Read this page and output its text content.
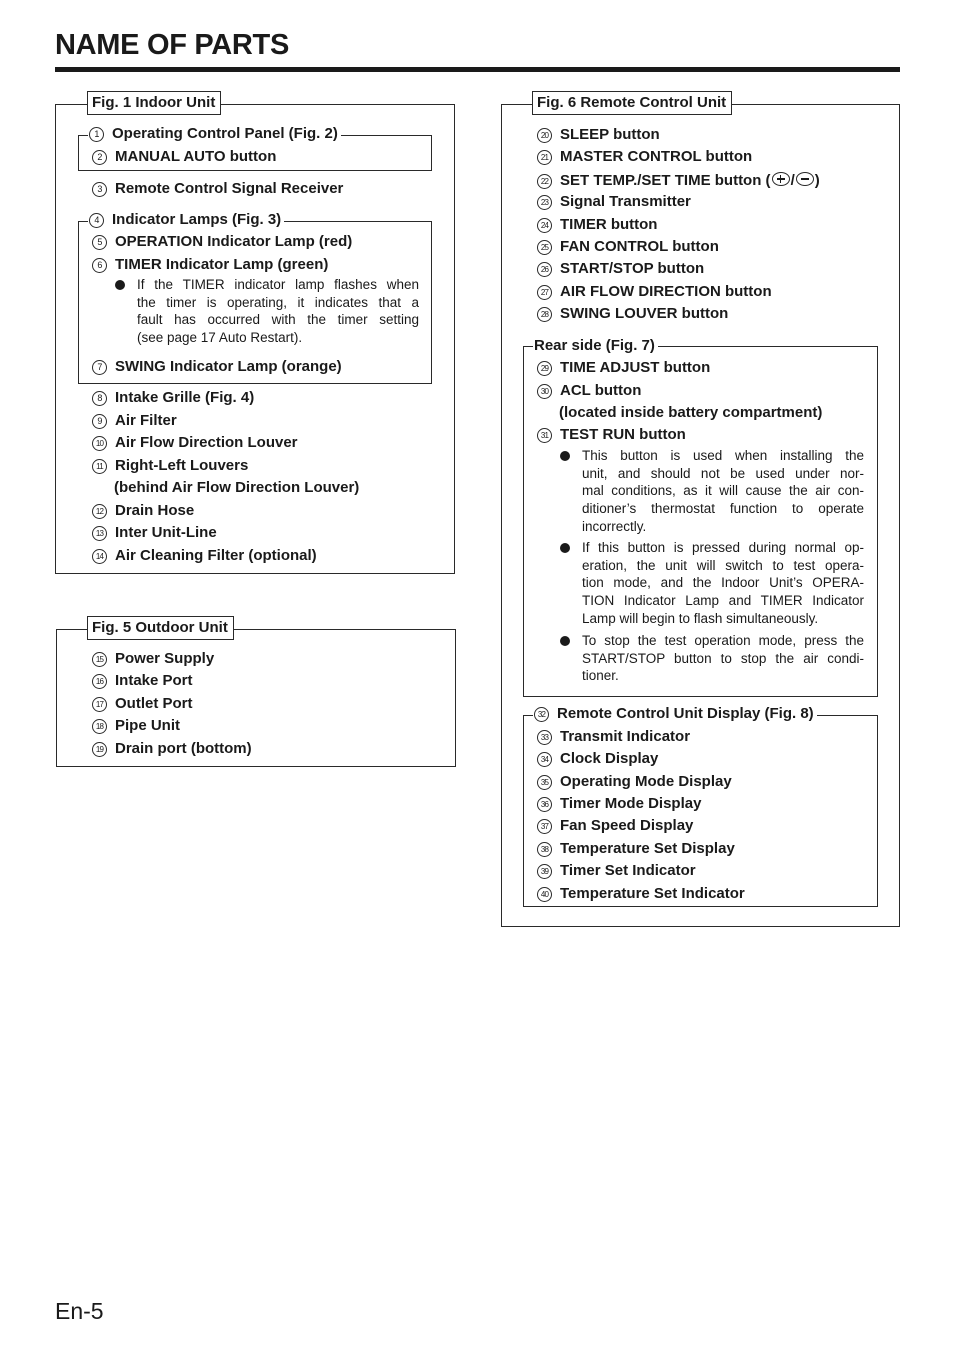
NAME OF PARTS
Fig. 1 Indoor Unit
1 Operating Control Panel (Fig. 2)
2 MANUAL AUTO button
3 Remote Control Signal Receiver
4 Indicator Lamps (Fig. 3)
5 OPERATION Indicator Lamp (red)
6 TIMER Indicator Lamp (green)
If the TIMER indicator lamp flashes when
the timer is operating, it indicates that a
fault has occurred with the timer setting
(see page 17 Auto Restart).
7 SWING Indicator Lamp (orange)
8 Intake Grille (Fig. 4)
9 Air Filter
10 Air Flow Direction Louver
11 Right-Left Louvers
(behind Air Flow Direction Louver)
12 Drain Hose
13 Inter Unit-Line
14 Air Cleaning Filter (optional)
Fig. 5 Outdoor Unit
15 Power Supply
16 Intake Port
17 Outlet Port
18 Pipe Unit
19 Drain port (bottom)
Fig. 6 Remote Control Unit
20 SLEEP button
21 MASTER CONTROL button
22 SET TEMP./SET TIME button ( / )
23 Signal Transmitter
24 TIMER button
25 FAN CONTROL button
26 START/STOP button
27 AIR FLOW DIRECTION button
28 SWING LOUVER button
Rear side (Fig. 7)
29 TIME ADJUST button
30 ACL button
(located inside battery compartment)
31 TEST RUN button
This button is used when installing the
unit, and should not be used under nor-
mal conditions, as it will cause the air con-
ditioner’s thermostat function to operate
incorrectly.
If this button is pressed during normal op-
eration, the unit will switch to test opera-
tion mode, and the Indoor Unit’s OPERA-
TION Indicator Lamp and TIMER Indicator
Lamp will begin to flash simultaneously.
To stop the test operation mode, press the
START/STOP button to stop the air condi-
tioner.
32 Remote Control Unit Display (Fig. 8)
33 Transmit Indicator
34 Clock Display
35 Operating Mode Display
36 Timer Mode Display
37 Fan Speed Display
38 Temperature Set Display
39 Timer Set Indicator
40 Temperature Set Indicator
En-5
